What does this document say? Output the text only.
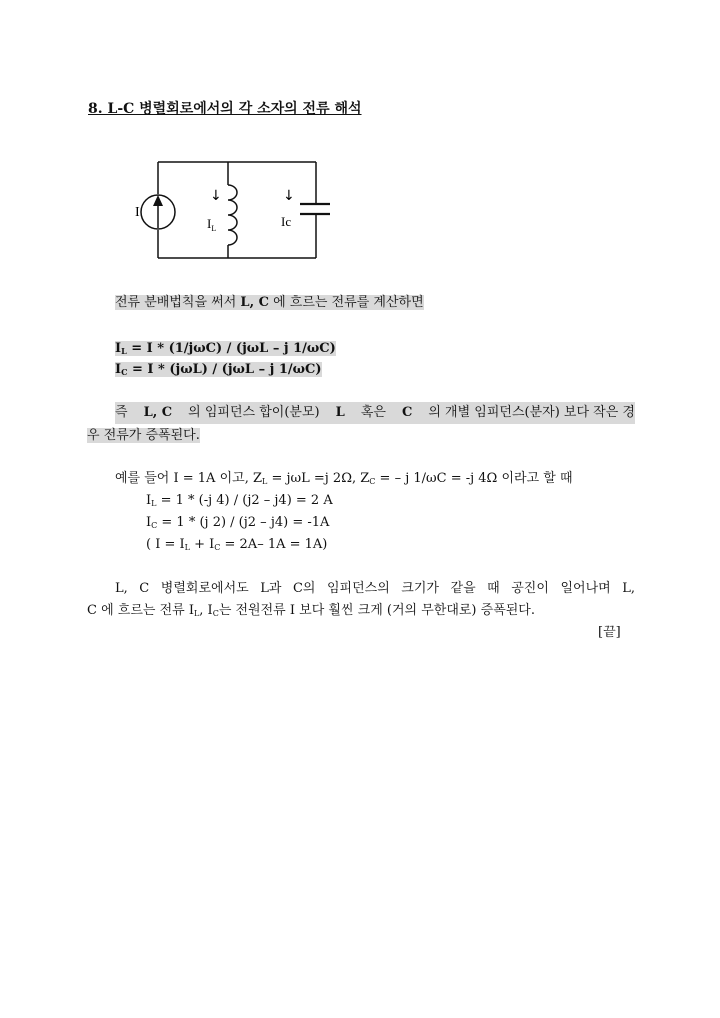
8. L-C 병렬회로에서의 각 소자의 전류 해석
I
↓
$I_L$
↓
Ic
전류 분배법칙을 써서 L, C 에 흐르는 전류를 계산하면
$I_L = I * (1/j\omega C) / (j\omega L - j$ 1/ωC)
$I_C = I * (j\omega L) / (j\omega L - j$ 1/ωC)
즉 L, C 의 임피던스 합이(분모) L 혹은 C 의 개별 임피던스(분자) 보다 작은 경
우 전류가 증폭된다.
예를 들어 I = 1A 이고, $Z_L = j\omega L =j$ 2Ω, $Z_C$ = – j 1/ωC = -j 4Ω 이라고 할 때
$I_L = 1 * (-j$ 4) / (j2 – j4) = 2 A
$I_C = 1 * (j$ 2) / (j2 – j4) = -1A
( $I = I_L + I_C = 2A-$ 1A = 1A)
L, C 병렬회로에서도 L과 C의 임피던스의 크기가 같을 때 공진이 일어나며 L,
C 에 흐르는 전류 $I_L$, $I_C$는 전원전류 I 보다 훨씬 크게 (거의 무한대로) 증폭된다.
[끝]
